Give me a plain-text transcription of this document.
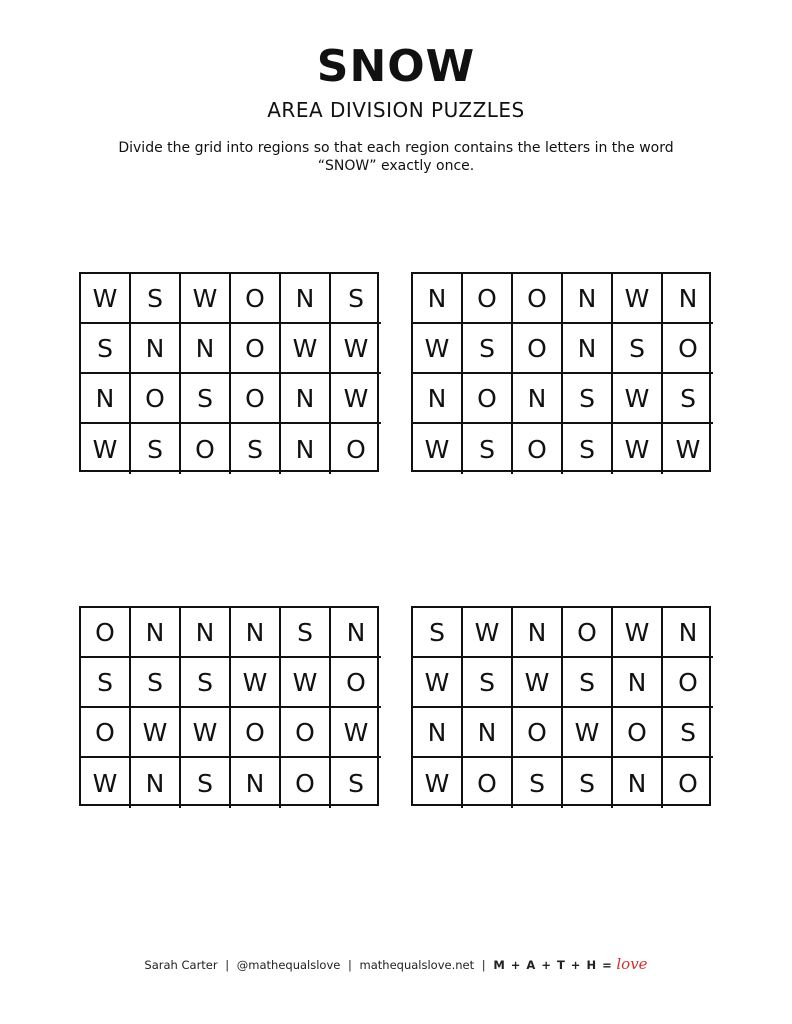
SNOW
AREA DIVISION PUZZLES
Divide the grid into regions so that each region contains the letters in the word “SNOW” exactly once.
W	S	W	O	N	S
S	N	N	O	W	W
N	O	S	O	N	W
W	S	O	S	N	O
N	O	O	N	W	N
W	S	O	N	S	O
N	O	N	S	W	S
W	S	O	S	W	W
O	N	N	N	S	N
S	S	S	W	W	O
O	W	W	O	O	W
W	N	S	N	O	S
S	W	N	O	W	N
W	S	W	S	N	O
N	N	O	W	O	S
W	O	S	S	N	O
Sarah Carter | @mathequalslove | mathequalslove.net | M + A + T + H = love
